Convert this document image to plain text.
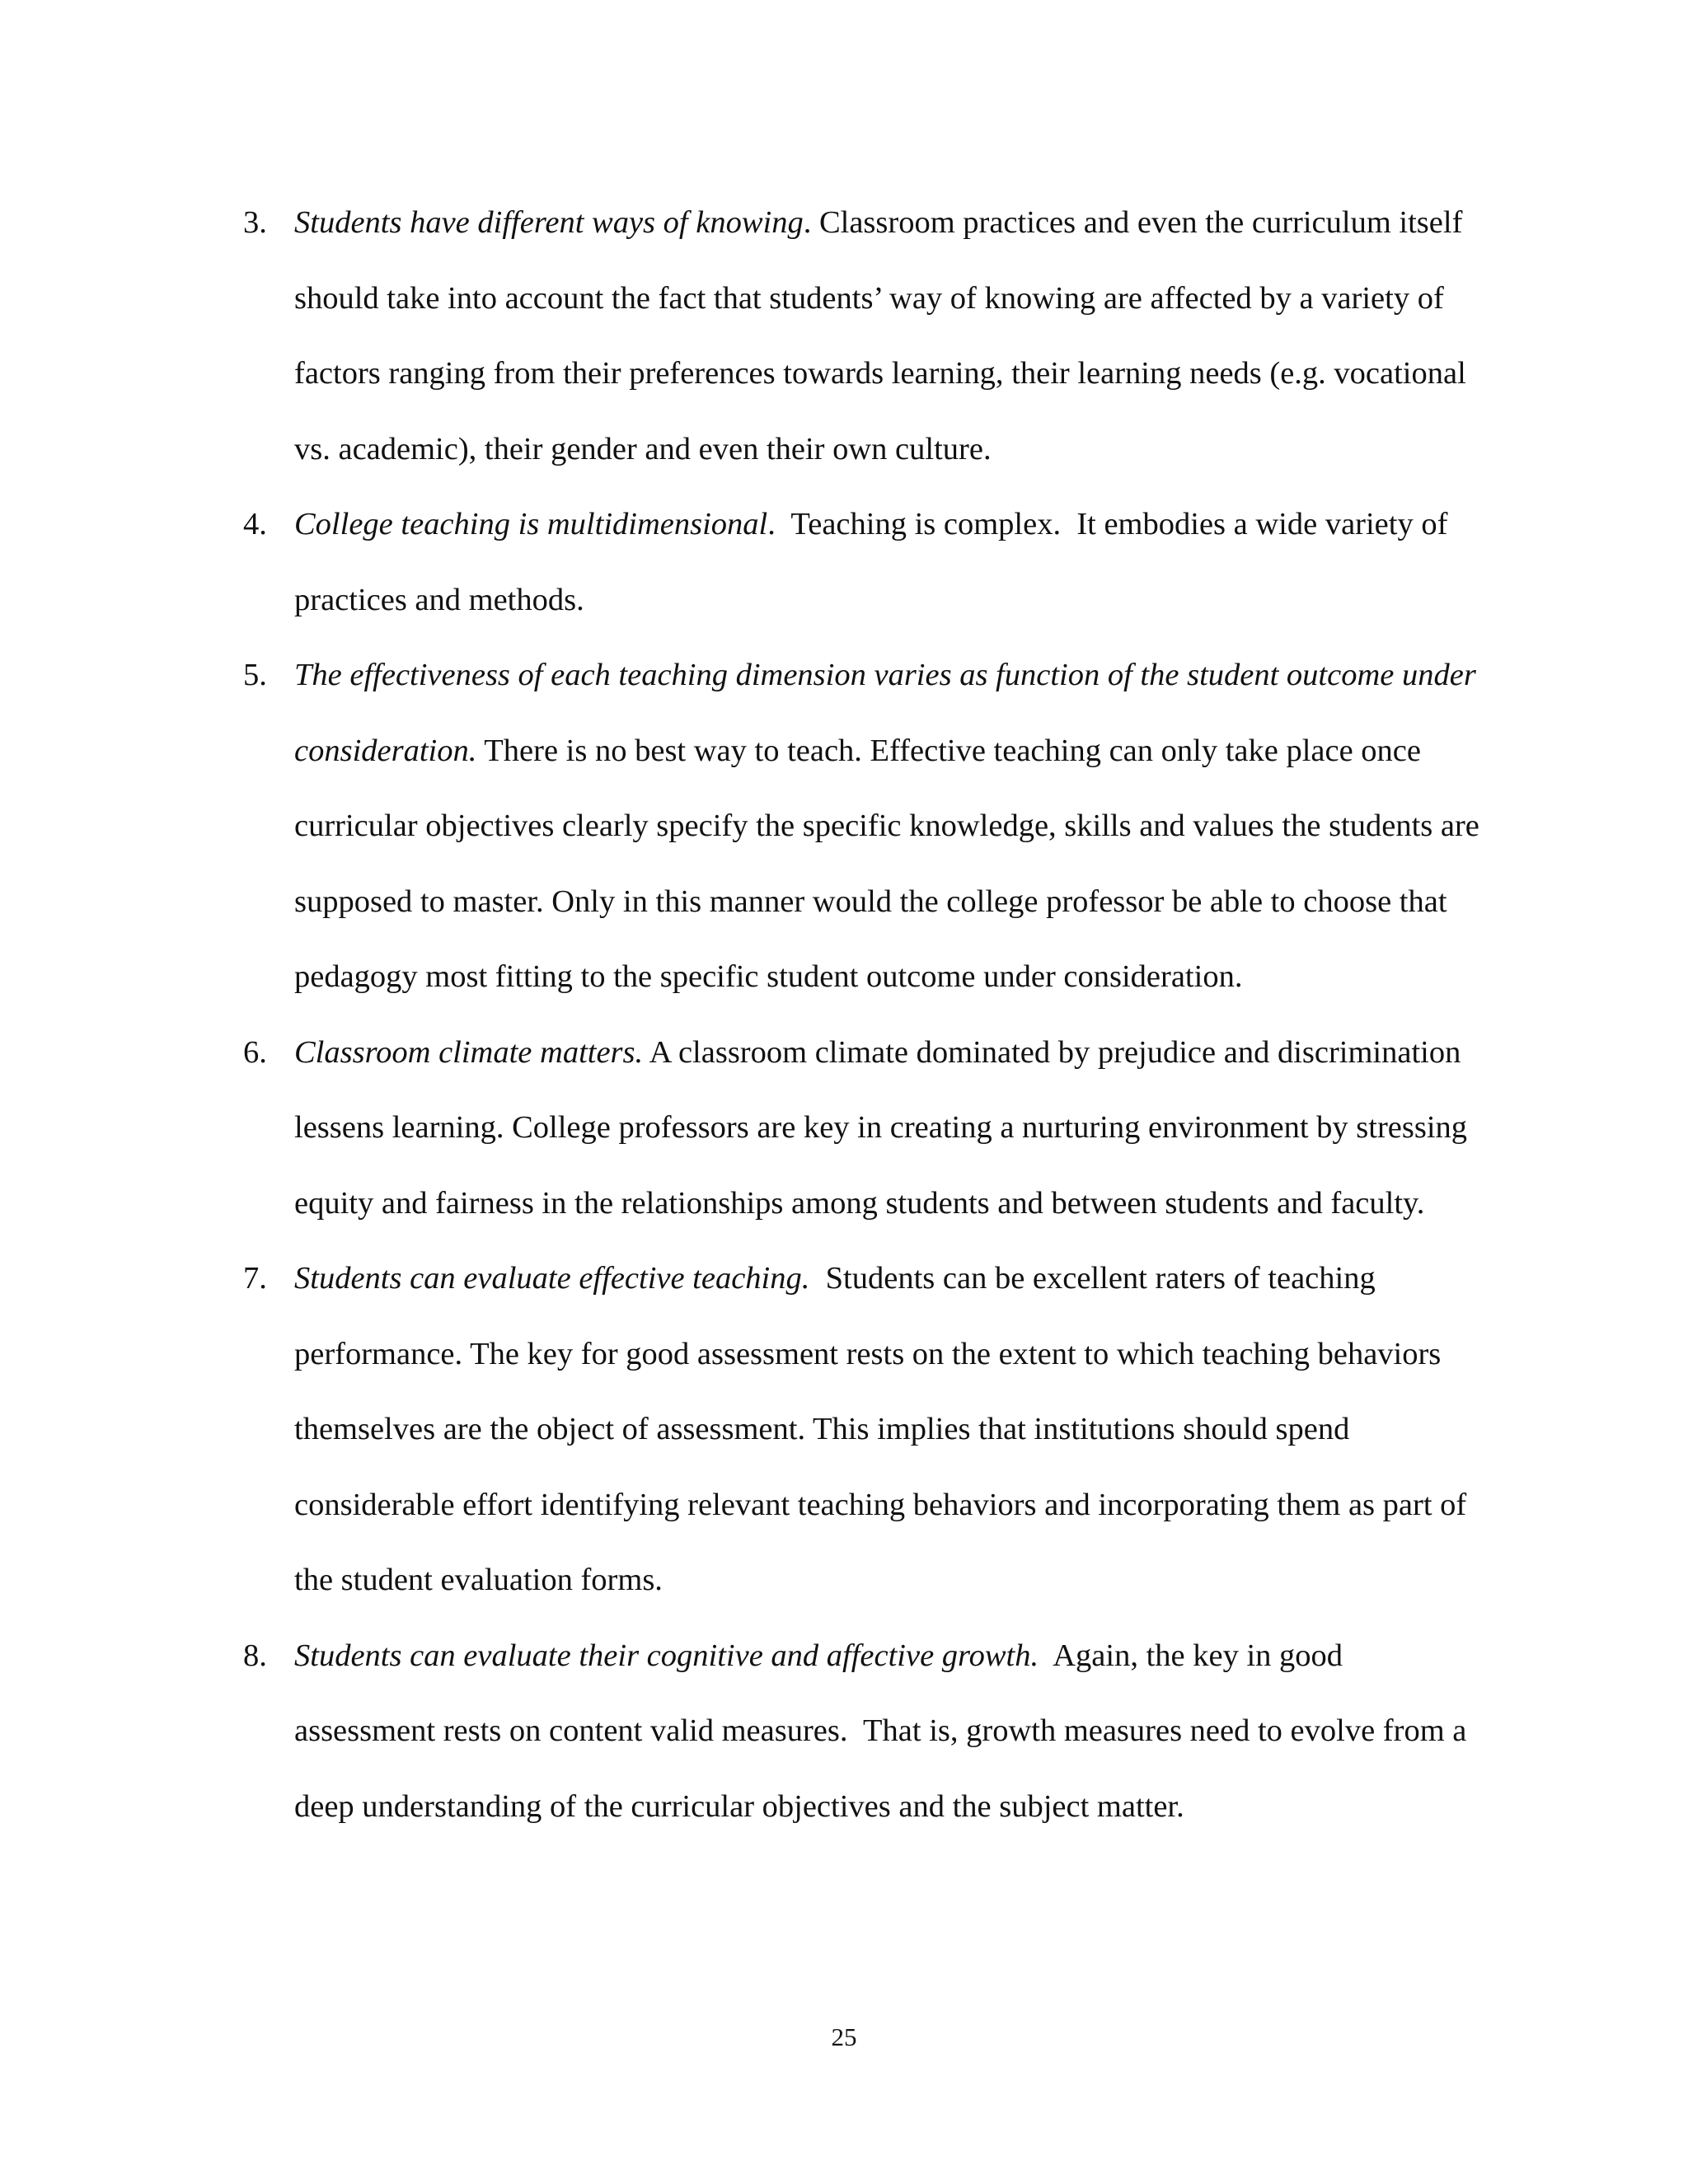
3. Students have different ways of knowing. Classroom practices and even the curriculum itself should take into account the fact that students’ way of knowing are affected by a variety of factors ranging from their preferences towards learning, their learning needs (e.g. vocational vs. academic), their gender and even their own culture.
4. College teaching is multidimensional.  Teaching is complex.  It embodies a wide variety of practices and methods.
5. The effectiveness of each teaching dimension varies as function of the student outcome under consideration. There is no best way to teach. Effective teaching can only take place once curricular objectives clearly specify the specific knowledge, skills and values the students are supposed to master. Only in this manner would the college professor be able to choose that pedagogy most fitting to the specific student outcome under consideration.
6. Classroom climate matters. A classroom climate dominated by prejudice and discrimination lessens learning. College professors are key in creating a nurturing environment by stressing equity and fairness in the relationships among students and between students and faculty.
7. Students can evaluate effective teaching.  Students can be excellent raters of teaching performance. The key for good assessment rests on the extent to which teaching behaviors themselves are the object of assessment. This implies that institutions should spend considerable effort identifying relevant teaching behaviors and incorporating them as part of the student evaluation forms.
8. Students can evaluate their cognitive and affective growth.  Again, the key in good assessment rests on content valid measures.  That is, growth measures need to evolve from a deep understanding of the curricular objectives and the subject matter.
25
